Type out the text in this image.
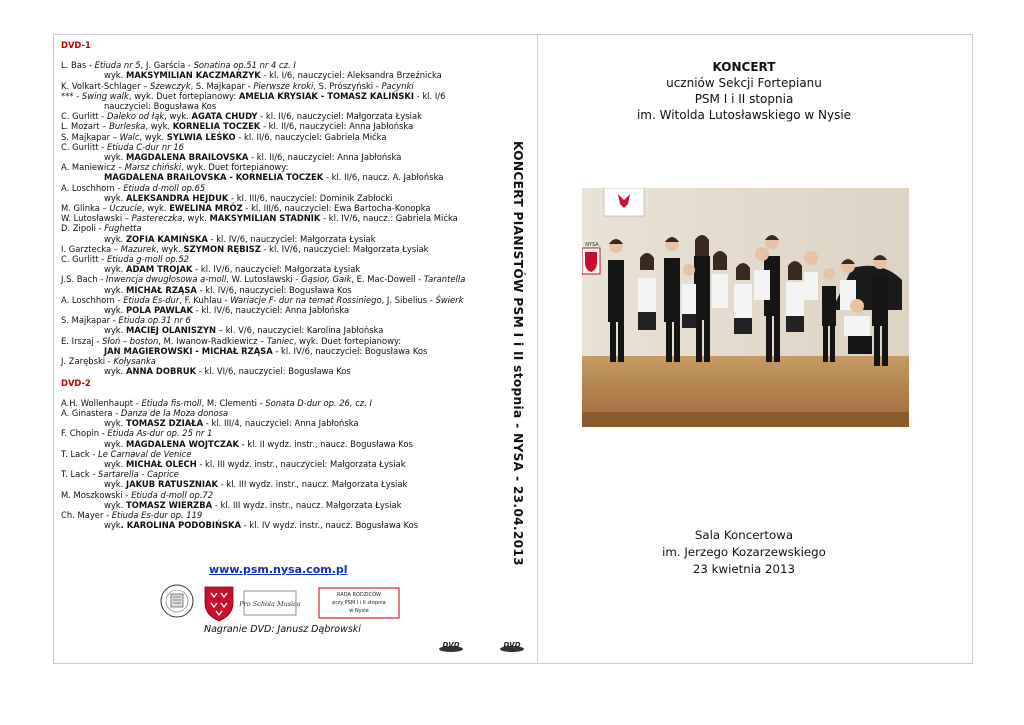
DVD-1
L. Bas - Etiuda nr 5, J. Garścia - Sonatina op.51 nr 4 cz. I
wyk. MAKSYMILIAN KACZMARZYK - kl. I/6, nauczyciel: Aleksandra Brzeźnicka
K. Volkart-Schlager – Szewczyk, S. Majkapar - Pierwsze kroki, S. Prószyński - Pacynki
*** - Swing walk, wyk. Duet fortepianowy: AMELIA KRYSIAK - TOMASZ KALIŃSKI - kl. I/6
nauczyciel: Bogusława Kos
C. Gurlitt - Daleko od łąk, wyk. AGATA CHUDY - kl. II/6, nauczyciel: Małgorzata Łysiak
L. Mozart – Burleska, wyk. KORNELIA TOCZEK - kl. II/6, nauczyciel: Anna Jabłońska
S. Majkapar – Walc, wyk. SYLWIA LEŚKO - kl. II/6, nauczyciel: Gabriela Mićka
C. Gurlitt - Etiuda C-dur nr 16
wyk. MAGDALENA BRAILOVSKA - kl. II/6, nauczyciel: Anna Jabłońska
A. Maniewicz – Marsz chiński, wyk. Duet fortepianowy:
MAGDALENA BRAILOVSKA - KORNELIA TOCZEK - kl. II/6, naucz. A. Jabłońska
A. Loschhorn - Etiuda d-moll op.65
wyk. ALEKSANDRA HEJDUK - kl. III/6, nauczyciel: Dominik Zabłocki
M. Glinka – Uczucie, wyk. EWELINA MRÓZ - kl. III/6, nauczyciel: Ewa Bartocha-Konopka
W. Lutosławski – Pastereczka, wyk. MAKSYMILIAN STADNIK - kl. IV/6, naucz.: Gabriela Mićka
D. Zipoli - Fughetta
wyk. ZOFIA KAMIŃSKA - kl. IV/6, nauczyciel: Małgorzata Łysiak
I. Garztecka – Mazurek, wyk. SZYMON RĘBISZ - kl. IV/6, nauczyciel: Małgorzata Łysiak
C. Gurlitt - Etiuda g-moll op.52
wyk. ADAM TROJAK - kl. IV/6, nauczyciel: Małgorzata Łysiak
J.S. Bach - Inwencja dwugłosowa a-moll, W. Lutosławski - Gąsior, Gaik, E. Mac-Dowell - Tarantella
wyk. MICHAŁ RZĄSA - kl. IV/6, nauczyciel: Bogusława Kos
A. Loschhorn - Etiuda Es-dur, F. Kuhlau - Wariacje F- dur na temat Rossiniego, J. Sibelius - Świerk
wyk. POLA PAWLAK - kl. IV/6, nauczyciel: Anna Jabłońska
S. Majkapar - Etiuda op.31 nr 6
wyk. MACIEJ OLANISZYN – kl. V/6, nauczyciel: Karolina Jabłońska
E. Irszaj - Słoń – boston, M. Iwanow-Radkiewicz – Taniec, wyk. Duet fortepianowy:
JAN MAGIEROWSKI - MICHAŁ RZĄSA - kl. IV/6, nauczyciel: Bogusława Kos
J. Zarębski - Kołysanka
wyk. ANNA DOBRUK - kl. VI/6, nauczyciel: Bogusława Kos
DVD-2
A.H. Wollenhaupt - Etiuda fis-moll, M. Clementi - Sonata D-dur op. 26, cz. I
A. Ginastera - Danza de la Moza donosa
wyk. TOMASZ DZIAŁA - kl. III/4, nauczyciel: Anna Jabłońska
F. Chopin - Etiuda As-dur op. 25 nr 1
wyk. MAGDALENA WOJTCZAK - kl. II wydz. instr., naucz. Bogusława Kos
T. Lack - Le Carnaval de Venice
wyk. MICHAŁ OLECH - kl. III wydz. instr., nauczyciel: Małgorzata Łysiak
T. Lack - Sartarella - Caprice
wyk. JAKUB RATUSZNIAK - kl. III wydz. instr., naucz. Małgorzata Łysiak
M. Moszkowski - Etiuda d-moll op.72
wyk. TOMASZ WIERZBA - kl. III wydz. instr., naucz. Małgorzata Łysiak
Ch. Mayer - Etiuda Es-dur op. 119
wyk. KAROLINA PODOBIŃSKA - kl. IV wydz. instr., naucz. Bogusława Kos	KONCERT PIANISTÓW PSM I i II stopnia - NYSA - 23.04.2013
www.psm.nysa.com.pl
Pro Schola Musica
RADA RODZICÓW
przy PSM I i II stopnia
w Nysie
Nagranie DVD: Janusz Dąbrowski
DVD	DVD
KONCERT
uczniów Sekcji Fortepianu
PSM I i II stopnia
im. Witolda Lutosławskiego w Nysie
NYSA
Sala Koncertowa
im. Jerzego Kozarzewskiego
23 kwietnia 2013
